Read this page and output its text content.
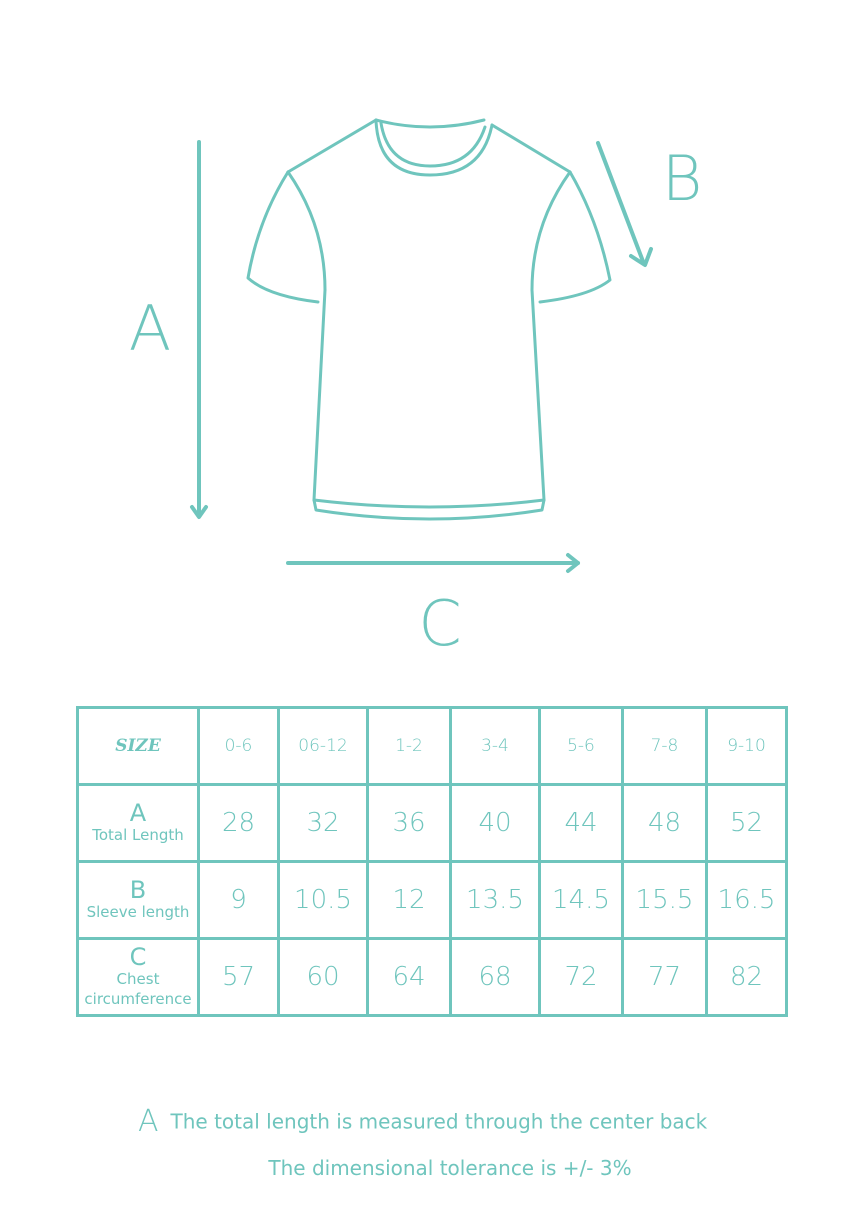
A
B
C
SIZE	0-6	06-12	1-2	3-4	5-6	7-8	9-10

A
Total Length	28	32	36	40	44	48	52

B
Sleeve length	9	10.5	12	13.5	14.5	15.5	16.5

C
Chest circumference	57	60	64	68	72	77	82
A The total length is measured through the center back
The dimensional tolerance is +/- 3%
